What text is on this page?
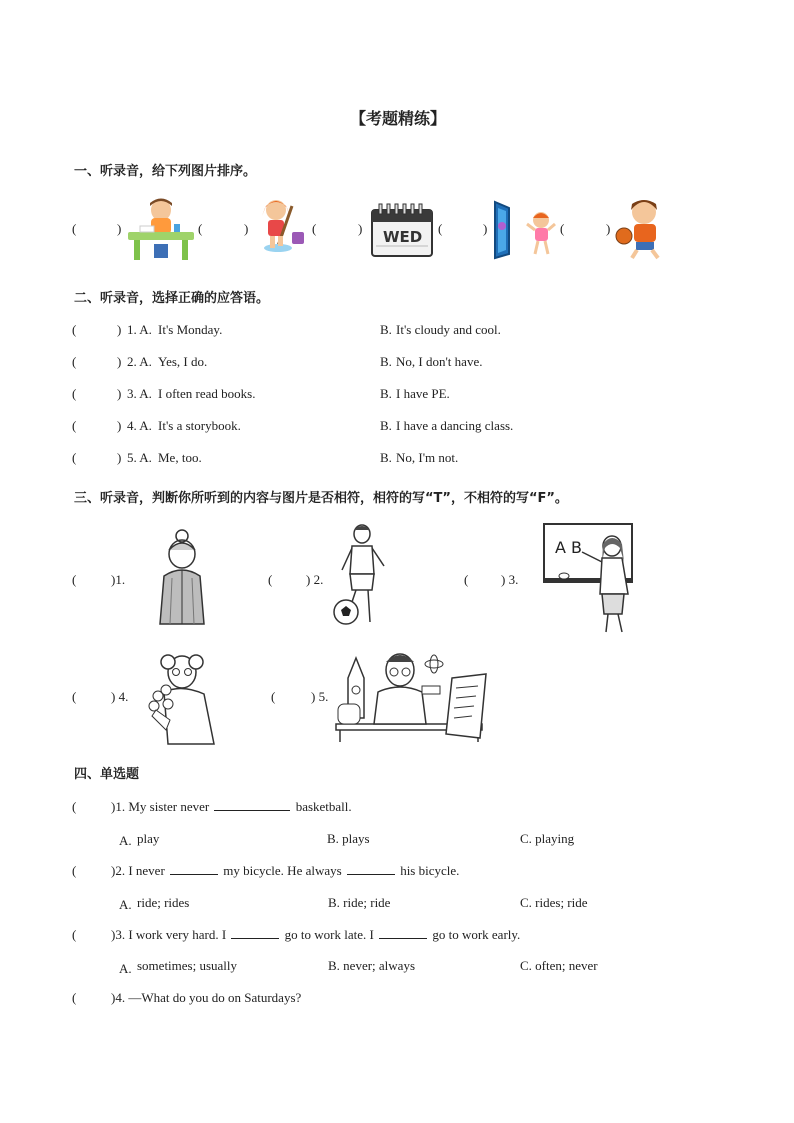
【考题精练】
一、听录音，给下列图片排序。
(	)	(	)	(	)	(	)	(	)
WED
二、听录音，选择正确的应答语。
(	) 1. A. It's Monday.	B. It's cloudy and cool.
(	) 2. A. Yes, I do.	B. No, I don't have.
(	) 3. A. I often read books.	B. I have PE.
(	) 4. A. It's a storybook.	B. I have a dancing class.
(	) 5. A. Me, too.	B. No, I'm not.
三、听录音，判断你所听到的内容与图片是否相符，相符的写“T”，不相符的写“F”。
(	)1.	(	) 2.	(	) 3.
A B
(	) 4.	(	) 5.
四、单选题
(	)1. My sister never	basketball.
A. play	B. plays	C. playing
(	)2. I never	my bicycle. He always	his bicycle.
A. ride; rides	B. ride; ride	C. rides; ride
(	)3. I work very hard. I	go to work late. I	go to work early.
A. sometimes; usually	B. never; always	C. often; never
(	)4. —What do you do on Saturdays?
